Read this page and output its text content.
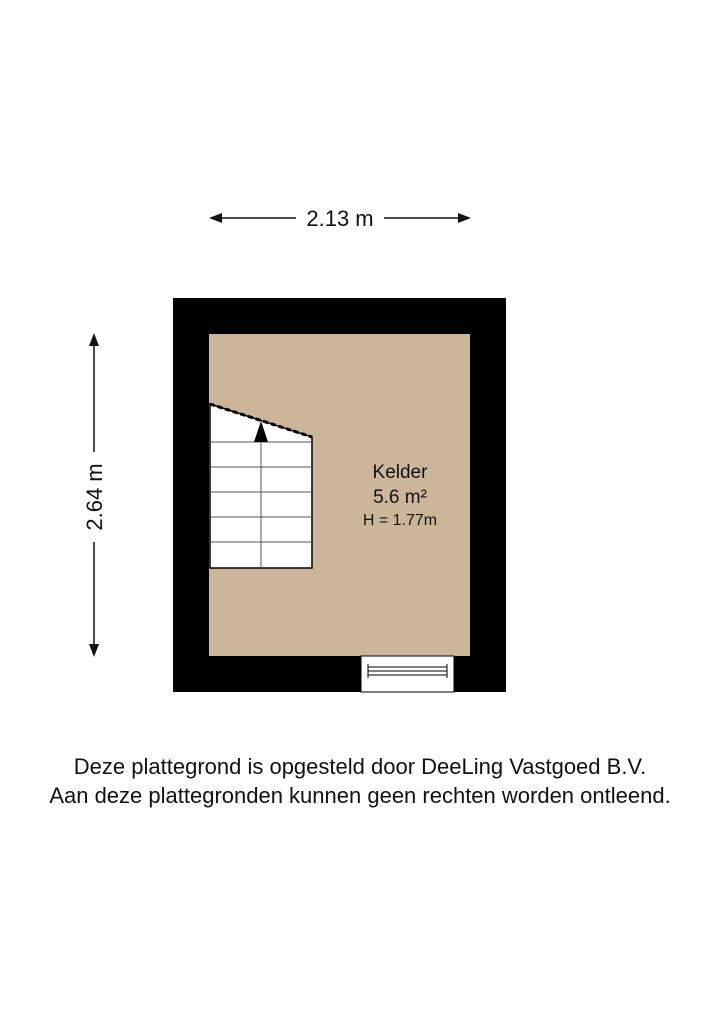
2.13 m
2.64 m	Kelder
5.6 m²
H = 1.77m
Deze plattegrond is opgesteld door DeeLing Vastgoed B.V.
Aan deze plattegronden kunnen geen rechten worden ontleend.
